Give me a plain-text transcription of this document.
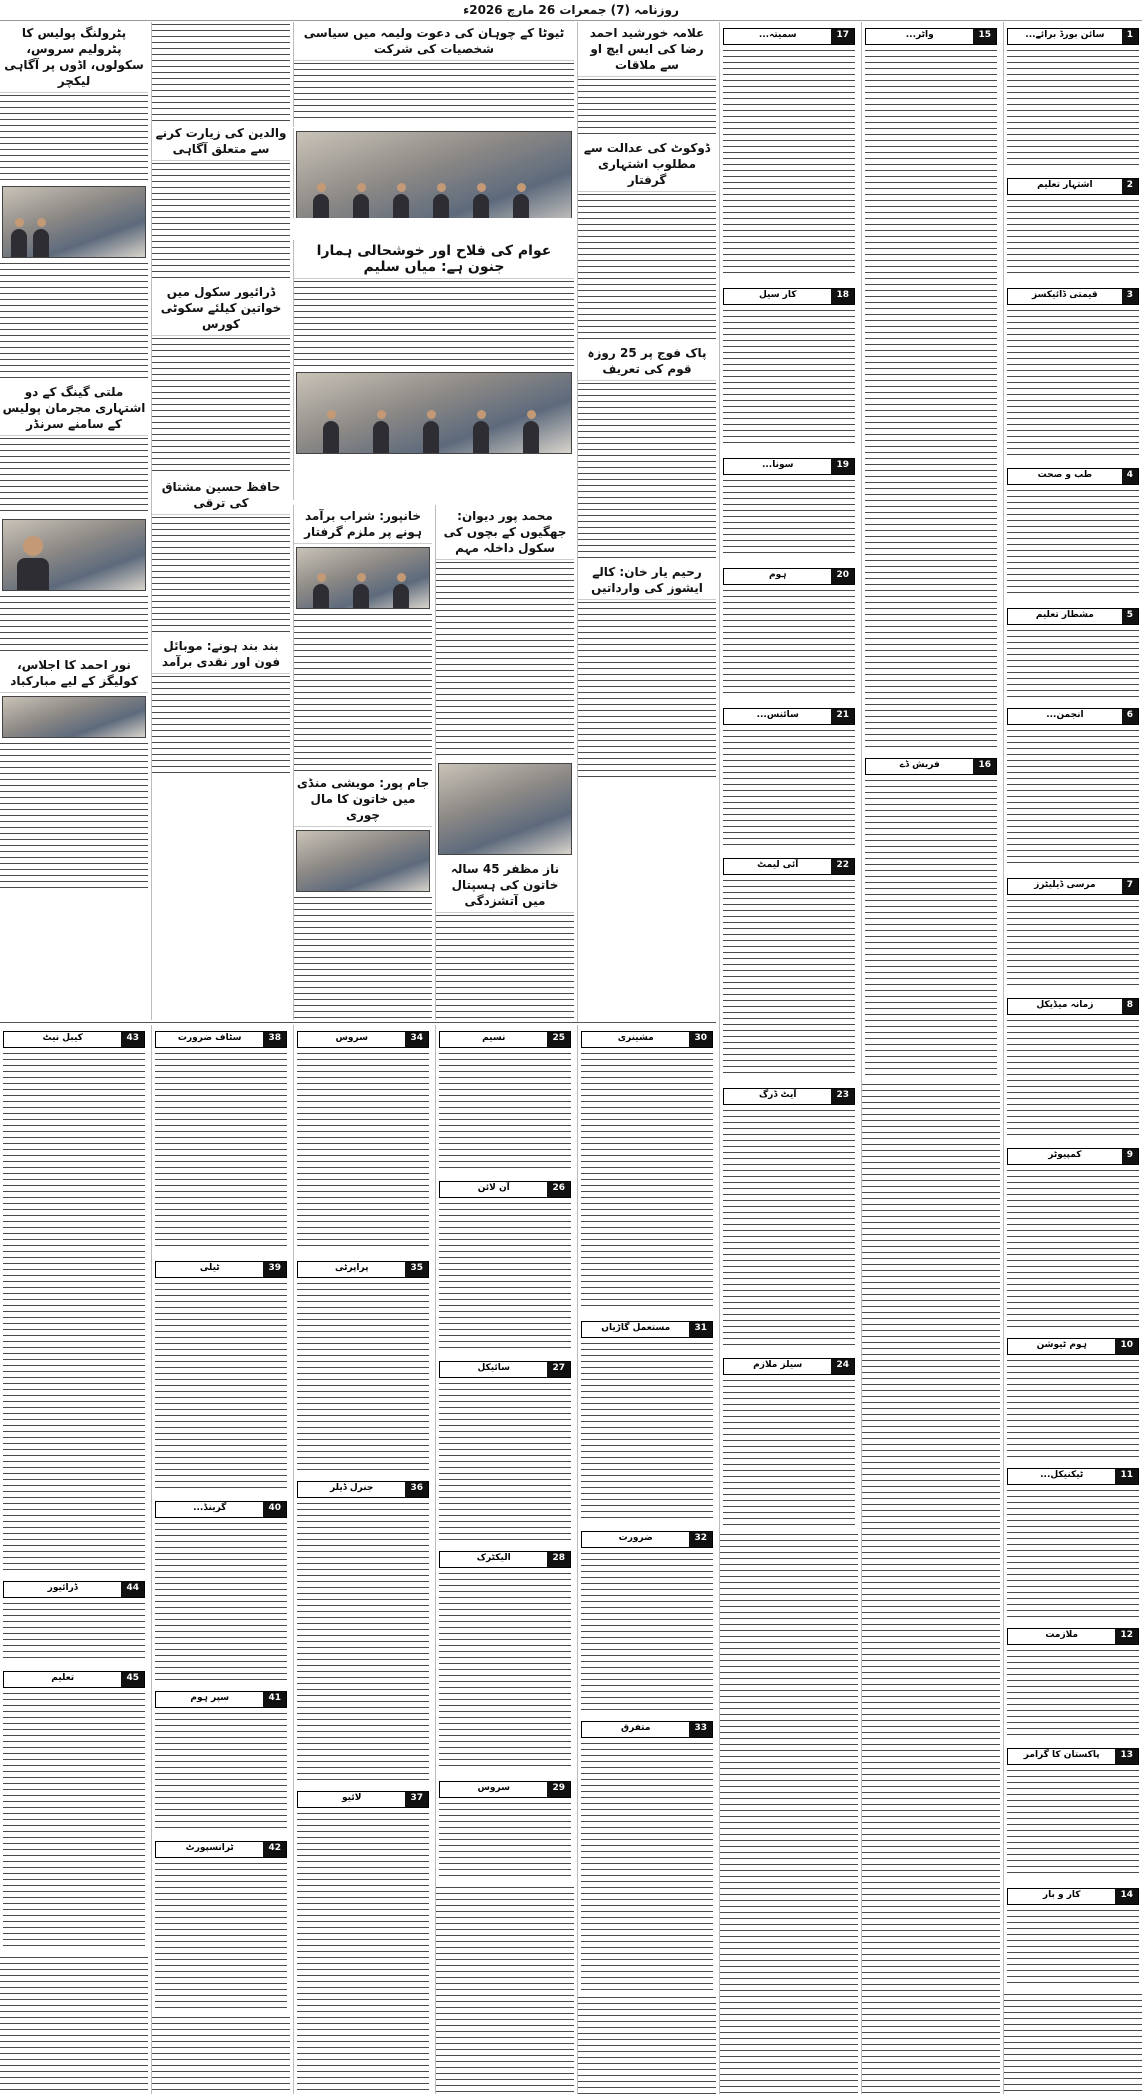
روزنامہ (7) جمعرات 26 مارچ 2026ء
1
سائن بورڈ برائے...
2
اشتہار تعلیم
3
قیمتی ڈائیکسز
4
طب و صحت
5
مشطار تعلیم
6
انجمن...
7
مرسی ڈیلیٹرز
8
زمانہ میڈیکل
9
کمپیوٹر
10
ہوم ٹیوشن
11
ٹیکنیکل...
12
ملازمت
13
پاکستان کا گرامر
14
کار و بار
15
واٹر...
16
فریش ڈے
17
سمیتہ...
18
کار سیل
19
سونا...
20
ہوم
21
سائنس...
22
آئی لیمٹ
23
آیٹ ڈرگ
24
سیلز ملازم
علامہ خورشید احمد رضا کی ایس ایچ او سے ملاقات
ڈوکوٹ کی عدالت سے مطلوب اشتہاری گرفتار
پاک فوج پر 25 روزہ قوم کی تعریف
رحیم یار خان: کالے ایشوز کی وارداتیں
ٹیوٹا کے چوہان کی دعوت ولیمہ میں سیاسی شخصیات کی شرکت
عوام کی فلاح اور خوشحالی ہمارا جنون ہے: میاں سلیم
محمد پور دیوان: جھگیوں کے بچوں کی سکول داخلہ مہم
ناز مظفر 45 سالہ خاتون کی ہسپتال میں آتشزدگی
خانپور: شراب برآمد ہونے پر ملزم گرفتار
جام پور: مویشی منڈی میں خاتون کا مال چوری
والدین کی زیارت کرنے سے متعلق آگاہی
ڈرائیور سکول میں خواتین کیلئے سکوٹی کورس
حافظ حسین مشتاق کی ترقی
بند بند ہونے: موبائل فون اور نقدی برآمد
پٹرولنگ پولیس کا پٹرولیم سروس، سکولوں، اڈوں پر آگاہی لیکچر
ملتی گینگ کے دو اشتہاری مجرمان پولیس کے سامنے سرنڈر
نور احمد کا اجلاس، کولیگز کے لیے مبارکباد
25
نسیم
26
آن لائن
27
سائیکل
28
الیکٹرک
29
سروس
30
مشینری
31
مستعمل گاڑیاں
32
ضرورت
33
متفرق
34
سروس
35
پراپرٹی
36
جنرل ڈیلر
37
لائیو
38
سٹاف ضرورت
39
ٹیلی
40
گرینڈ...
41
سپر ہوم
42
ٹرانسپورٹ
43
کیبل نیٹ
44
ڈرائیور
45
تعلیم
